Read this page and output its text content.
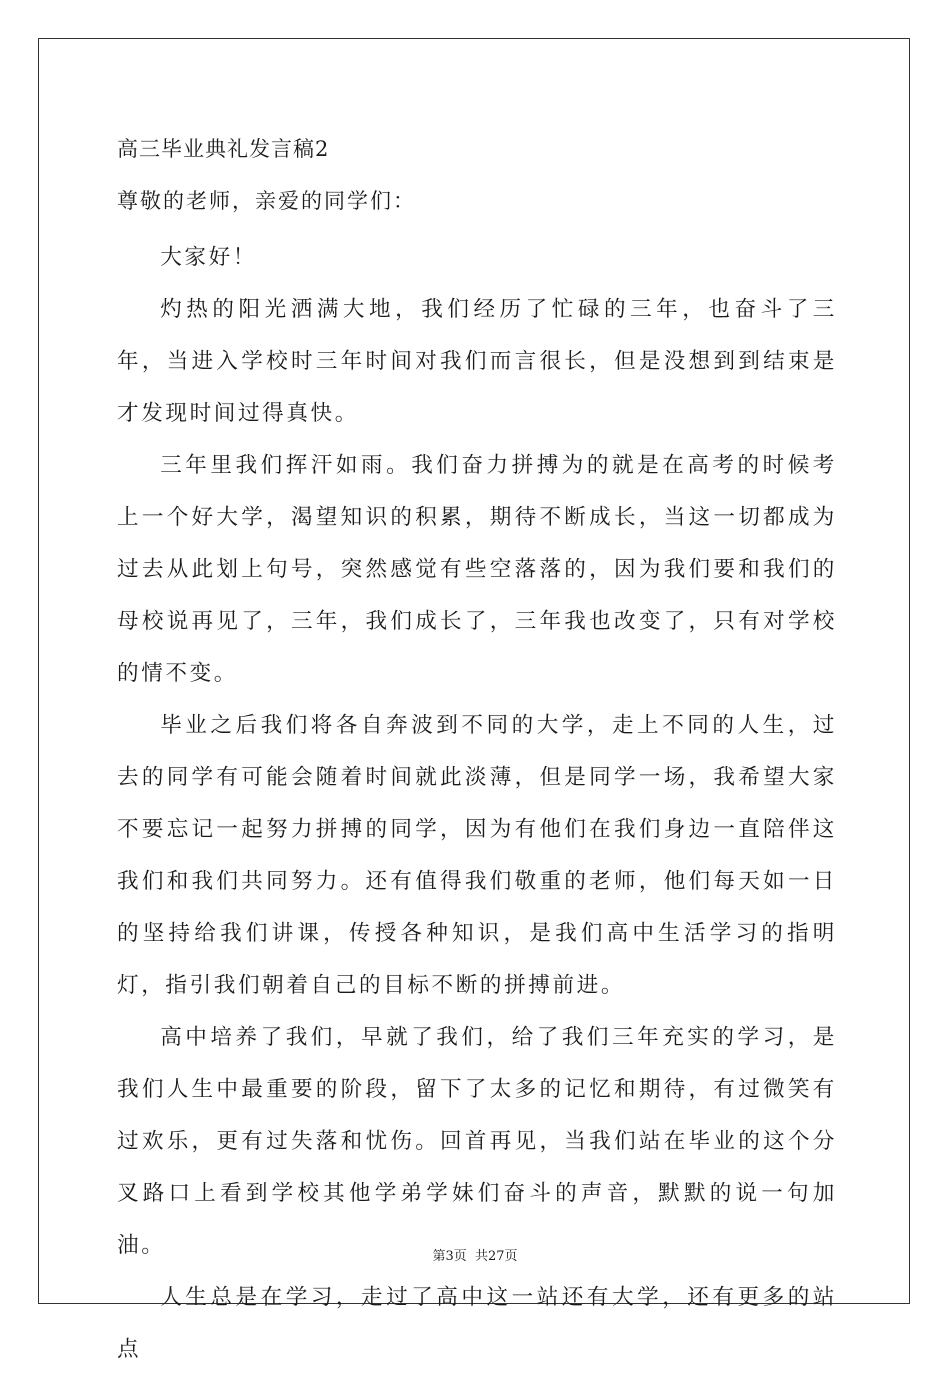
高三毕业典礼发言稿2
尊敬的老师，亲爱的同学们：

大家好！

灼热的阳光洒满大地，我们经历了忙碌的三年，也奋斗了三年，当进入学校时三年时间对我们而言很长，但是没想到到结束是才发现时间过得真快。

三年里我们挥汗如雨。我们奋力拼搏为的就是在高考的时候考上一个好大学，渴望知识的积累，期待不断成长，当这一切都成为过去从此划上句号，突然感觉有些空落落的，因为我们要和我们的母校说再见了，三年，我们成长了，三年我也改变了，只有对学校的情不变。

毕业之后我们将各自奔波到不同的大学，走上不同的人生，过去的同学有可能会随着时间就此淡薄，但是同学一场，我希望大家不要忘记一起努力拼搏的同学，因为有他们在我们身边一直陪伴这我们和我们共同努力。还有值得我们敬重的老师，他们每天如一日的坚持给我们讲课，传授各种知识，是我们高中生活学习的指明灯，指引我们朝着自己的目标不断的拼搏前进。

高中培养了我们，早就了我们，给了我们三年充实的学习，是我们人生中最重要的阶段，留下了太多的记忆和期待，有过微笑有过欢乐，更有过失落和忧伤。回首再见，当我们站在毕业的这个分叉路口上看到学校其他学弟学妹们奋斗的声音，默默的说一句加油。

人生总是在学习，走过了高中这一站还有大学，还有更多的站点

第3页 共27页
